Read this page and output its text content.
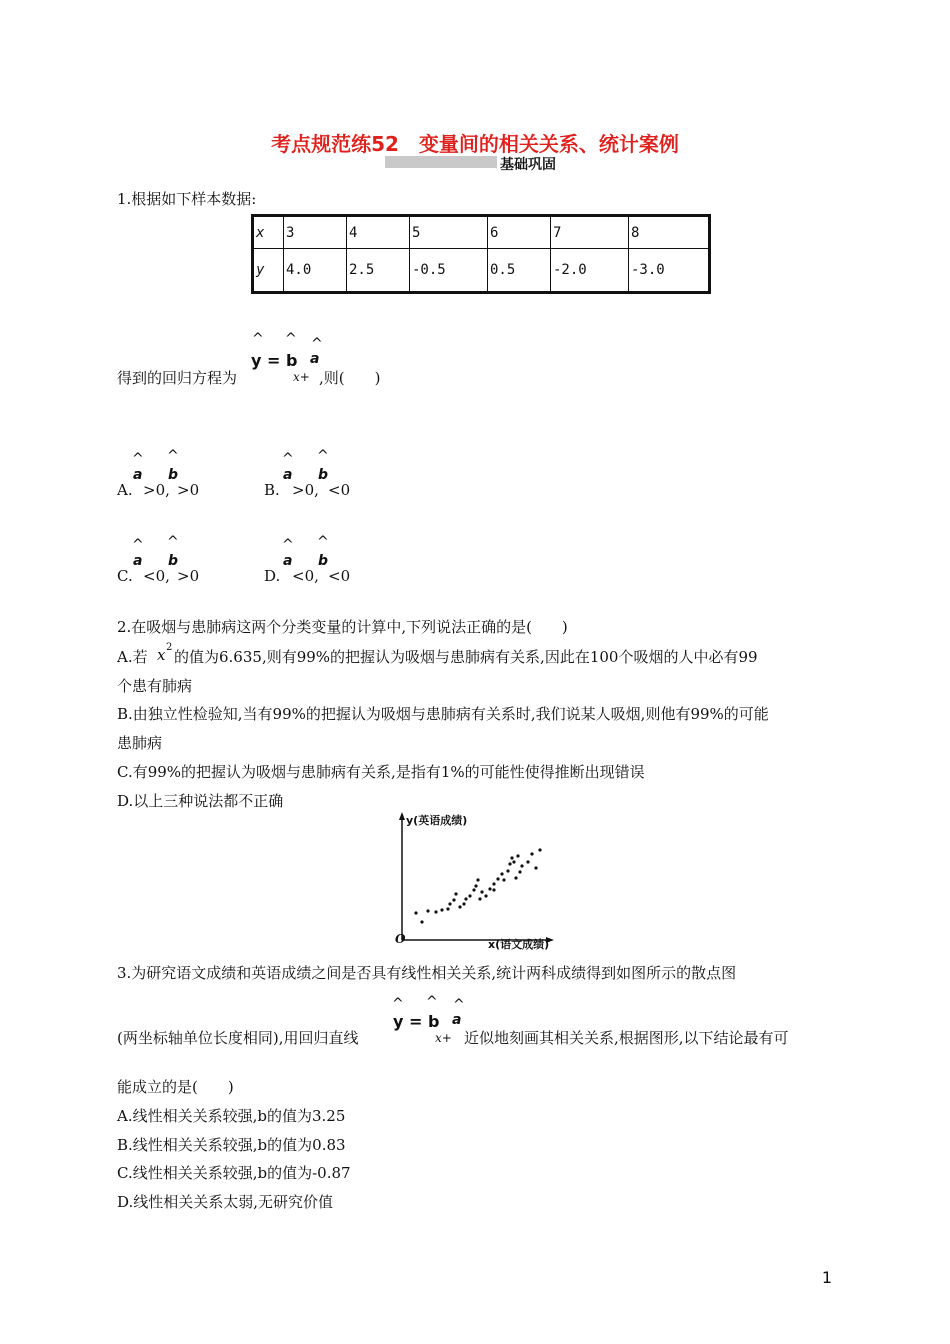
考点规范练52　变量间的相关关系、统计案例
基础巩固
1.根据如下样本数据:
x	3	4	5	6	7	8
y	4.0	2.5	-0.5	0.5	-2.0	-3.0
^ ^ ^
y = b a
x+
得到的回归方程为	,则(　　)
^ ^
a b
A. >0, >0
^ ^
a b
B. >0, <0
^ ^
a b
C. <0, >0
^ ^
a b
D. <0, <0
2.在吸烟与患肺病这两个分类变量的计算中,下列说法正确的是(　　)
A.若 x 2
的值为6.635,则有99%的把握认为吸烟与患肺病有关系,因此在100个吸烟的人中必有99
个患有肺病
B.由独立性检验知,当有99%的把握认为吸烟与患肺病有关系时,我们说某人吸烟,则他有99%的可能
患肺病
C.有99%的把握认为吸烟与患肺病有关系,是指有1%的可能性使得推断出现错误
D.以上三种说法都不正确
y(英语成绩)
x(语文成绩)
O
3.为研究语文成绩和英语成绩之间是否具有线性相关关系,统计两科成绩得到如图所示的散点图
^ ^ ^
y = b a
x+
(两坐标轴单位长度相同),用回归直线	近似地刻画其相关关系,根据图形,以下结论最有可
能成立的是(　　)
A.线性相关关系较强,b的值为3.25
B.线性相关关系较强,b的值为0.83
C.线性相关关系较强,b的值为-0.87
D.线性相关关系太弱,无研究价值
1
